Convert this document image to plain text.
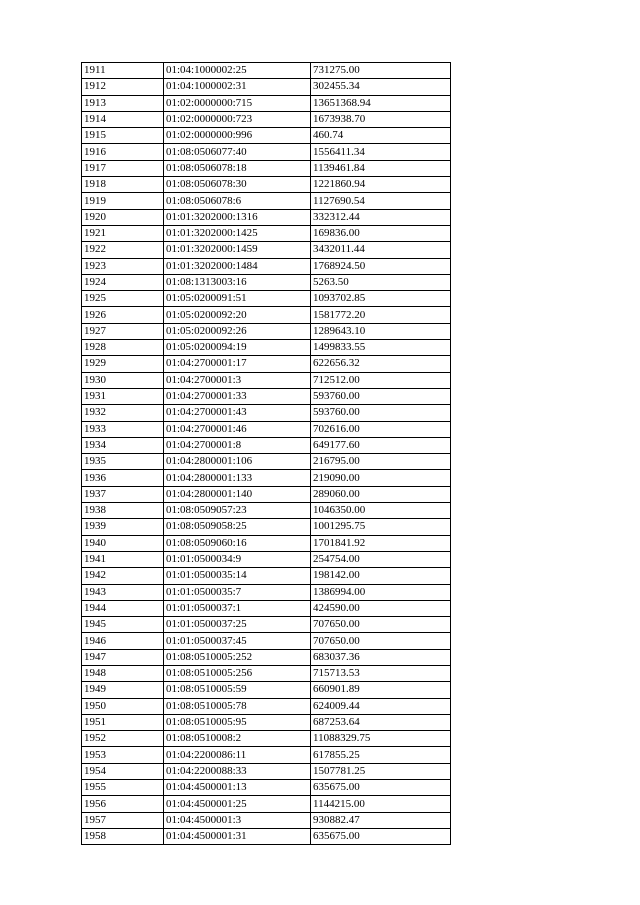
1911	01:04:1000002:25	731275.00
1912	01:04:1000002:31	302455.34
1913	01:02:0000000:715	13651368.94
1914	01:02:0000000:723	1673938.70
1915	01:02:0000000:996	460.74
1916	01:08:0506077:40	1556411.34
1917	01:08:0506078:18	1139461.84
1918	01:08:0506078:30	1221860.94
1919	01:08:0506078:6	1127690.54
1920	01:01:3202000:1316	332312.44
1921	01:01:3202000:1425	169836.00
1922	01:01:3202000:1459	3432011.44
1923	01:01:3202000:1484	1768924.50
1924	01:08:1313003:16	5263.50
1925	01:05:0200091:51	1093702.85
1926	01:05:0200092:20	1581772.20
1927	01:05:0200092:26	1289643.10
1928	01:05:0200094:19	1499833.55
1929	01:04:2700001:17	622656.32
1930	01:04:2700001:3	712512.00
1931	01:04:2700001:33	593760.00
1932	01:04:2700001:43	593760.00
1933	01:04:2700001:46	702616.00
1934	01:04:2700001:8	649177.60
1935	01:04:2800001:106	216795.00
1936	01:04:2800001:133	219090.00
1937	01:04:2800001:140	289060.00
1938	01:08:0509057:23	1046350.00
1939	01:08:0509058:25	1001295.75
1940	01:08:0509060:16	1701841.92
1941	01:01:0500034:9	254754.00
1942	01:01:0500035:14	198142.00
1943	01:01:0500035:7	1386994.00
1944	01:01:0500037:1	424590.00
1945	01:01:0500037:25	707650.00
1946	01:01:0500037:45	707650.00
1947	01:08:0510005:252	683037.36
1948	01:08:0510005:256	715713.53
1949	01:08:0510005:59	660901.89
1950	01:08:0510005:78	624009.44
1951	01:08:0510005:95	687253.64
1952	01:08:0510008:2	11088329.75
1953	01:04:2200086:11	617855.25
1954	01:04:2200088:33	1507781.25
1955	01:04:4500001:13	635675.00
1956	01:04:4500001:25	1144215.00
1957	01:04:4500001:3	930882.47
1958	01:04:4500001:31	635675.00
